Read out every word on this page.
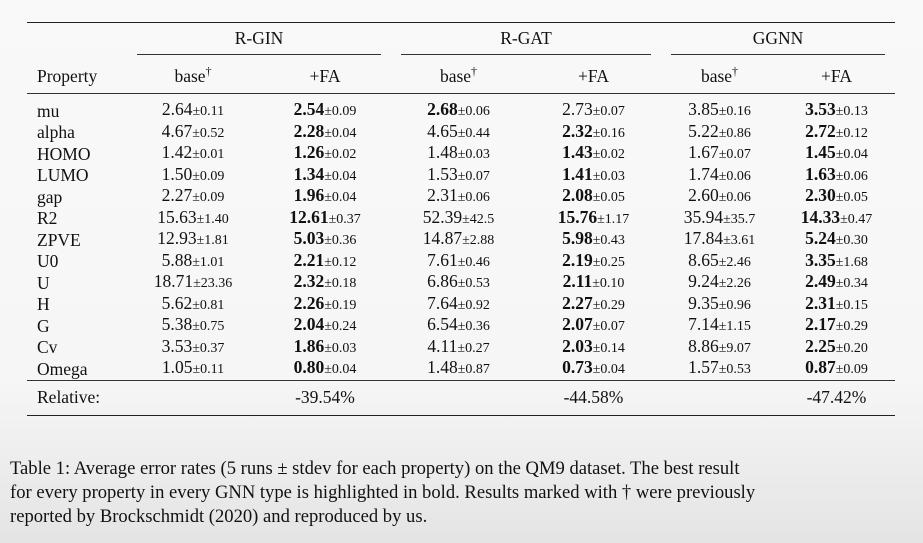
	R-GIN		R-GAT		GGNN	

Property	base†	+FA	base†	+FA	base†	+FA
mu	2.64±0.11	2.54±0.09	2.68±0.06	2.73±0.07	3.85±0.16	3.53±0.13
alpha	4.67±0.52	2.28±0.04	4.65±0.44	2.32±0.16	5.22±0.86	2.72±0.12
HOMO	1.42±0.01	1.26±0.02	1.48±0.03	1.43±0.02	1.67±0.07	1.45±0.04
LUMO	1.50±0.09	1.34±0.04	1.53±0.07	1.41±0.03	1.74±0.06	1.63±0.06
gap	2.27±0.09	1.96±0.04	2.31±0.06	2.08±0.05	2.60±0.06	2.30±0.05
R2	15.63±1.40	12.61±0.37	52.39±42.5	15.76±1.17	35.94±35.7	14.33±0.47
ZPVE	12.93±1.81	5.03±0.36	14.87±2.88	5.98±0.43	17.84±3.61	5.24±0.30
U0	5.88±1.01	2.21±0.12	7.61±0.46	2.19±0.25	8.65±2.46	3.35±1.68
U	18.71±23.36	2.32±0.18	6.86±0.53	2.11±0.10	9.24±2.26	2.49±0.34
H	5.62±0.81	2.26±0.19	7.64±0.92	2.27±0.29	9.35±0.96	2.31±0.15
G	5.38±0.75	2.04±0.24	6.54±0.36	2.07±0.07	7.14±1.15	2.17±0.29
Cv	3.53±0.37	1.86±0.03	4.11±0.27	2.03±0.14	8.86±9.07	2.25±0.20
Omega	1.05±0.11	0.80±0.04	1.48±0.87	0.73±0.04	1.57±0.53	0.87±0.09
Relative:		-39.54%		-44.58%		-47.42%
Table 1: Average error rates (5 runs ± stdev for each property) on the QM9 dataset. The best result
for every property in every GNN type is highlighted in bold. Results marked with † were previously
reported by Brockschmidt (2020) and reproduced by us.
